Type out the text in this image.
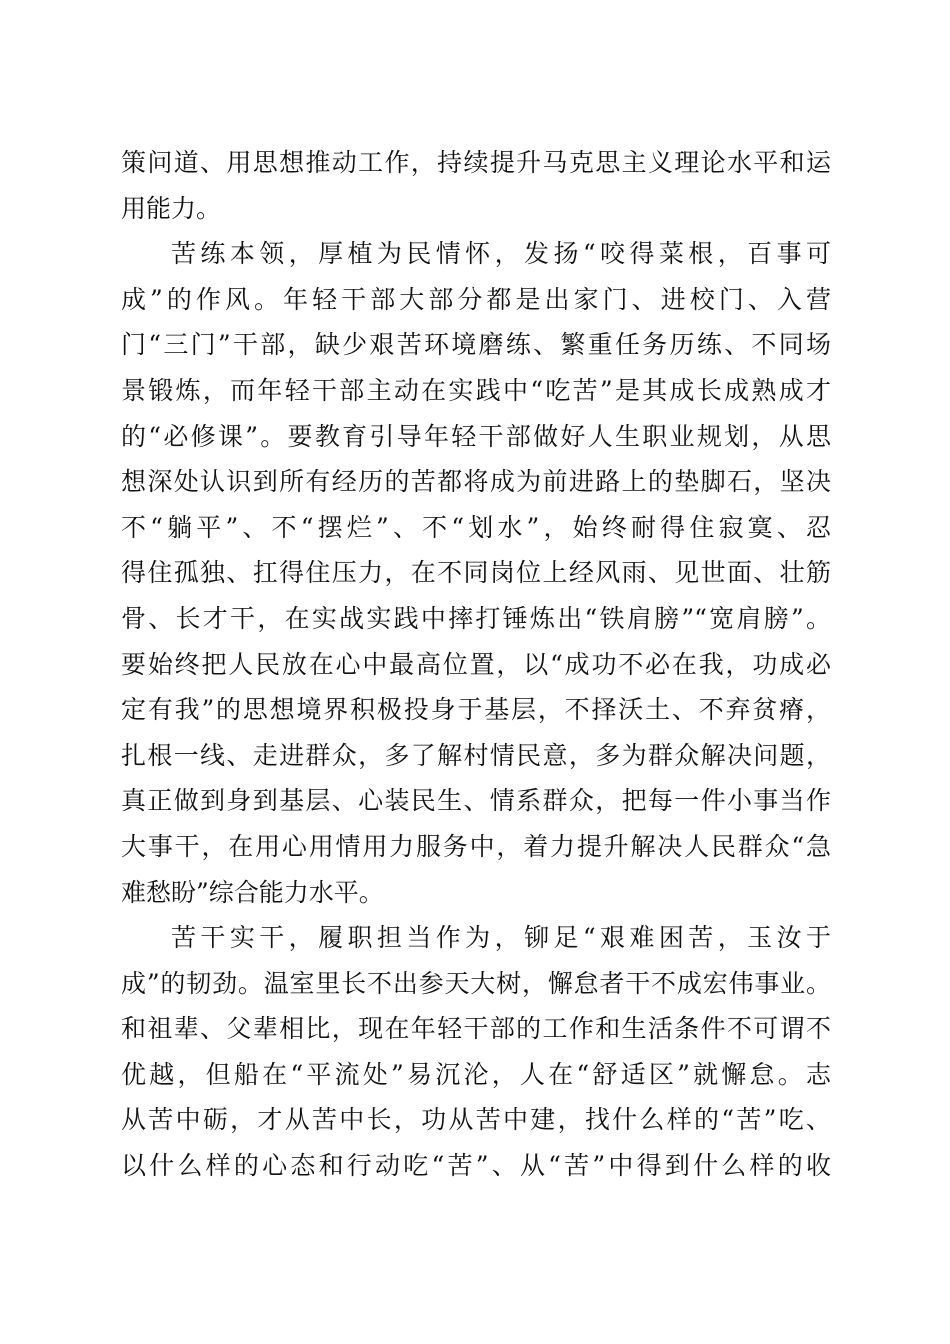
策问道、用思想推动工作，持续提升马克思主义理论水平和运
用能力。
苦练本领，厚植为民情怀，发扬“咬得菜根，百事可
成”的作风。年轻干部大部分都是出家门、进校门、入营
门“三门”干部，缺少艰苦环境磨练、繁重任务历练、不同场
景锻炼，而年轻干部主动在实践中“吃苦”是其成长成熟成才
的“必修课”。要教育引导年轻干部做好人生职业规划，从思
想深处认识到所有经历的苦都将成为前进路上的垫脚石，坚决
不“躺平”、不“摆烂”、不“划水”，始终耐得住寂寞、忍
得住孤独、扛得住压力，在不同岗位上经风雨、见世面、壮筋
骨、长才干，在实战实践中摔打锤炼出“铁肩膀”“宽肩膀”。
要始终把人民放在心中最高位置，以“成功不必在我，功成必
定有我”的思想境界积极投身于基层，不择沃土、不弃贫瘠，
扎根一线、走进群众，多了解村情民意，多为群众解决问题，
真正做到身到基层、心装民生、情系群众，把每一件小事当作
大事干，在用心用情用力服务中，着力提升解决人民群众“急
难愁盼”综合能力水平。
苦干实干，履职担当作为，铆足“艰难困苦，玉汝于
成”的韧劲。温室里长不出参天大树，懈怠者干不成宏伟事业。
和祖辈、父辈相比，现在年轻干部的工作和生活条件不可谓不
优越，但船在“平流处”易沉沦，人在“舒适区”就懈怠。志
从苦中砺，才从苦中长，功从苦中建，找什么样的“苦”吃、
以什么样的心态和行动吃“苦”、从“苦”中得到什么样的收
